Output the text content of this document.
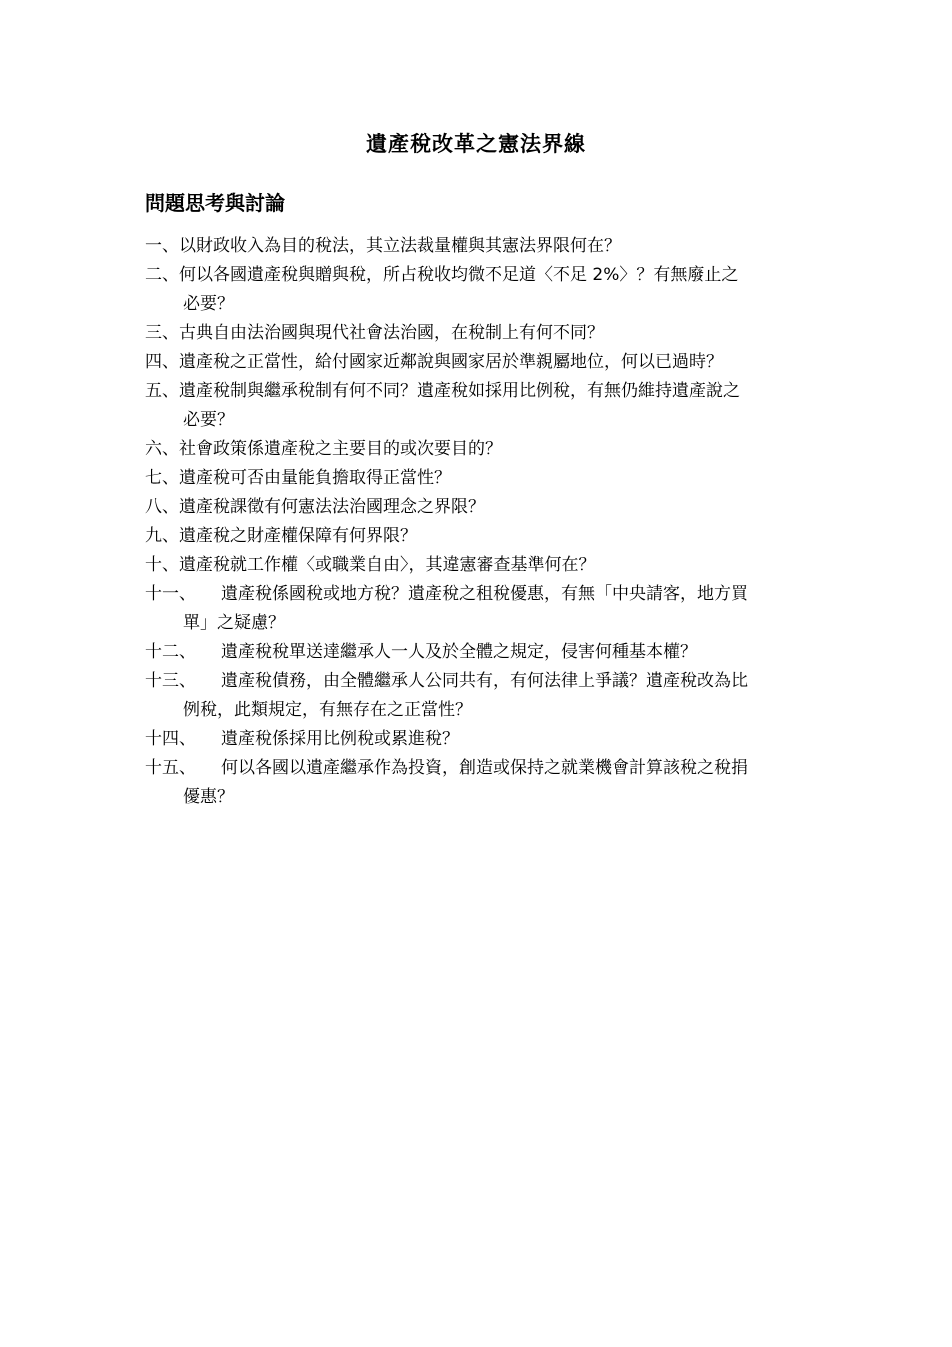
遺產稅改革之憲法界線
問題思考與討論
一、 以財政收入為目的稅法，其立法裁量權與其憲法界限何在？
二、 何以各國遺產稅與贈與稅，所占稅收均微不足道〈不足 2%〉？有無廢止之
必要？
三、 古典自由法治國與現代社會法治國，在稅制上有何不同？
四、 遺產稅之正當性，給付國家近鄰說與國家居於準親屬地位，何以已過時？
五、 遺產稅制與繼承稅制有何不同？遺產稅如採用比例稅，有無仍維持遺產說之
必要？
六、 社會政策係遺產稅之主要目的或次要目的？
七、 遺產稅可否由量能負擔取得正當性？
八、 遺產稅課徵有何憲法法治國理念之界限？
九、 遺產稅之財產權保障有何界限？
十、 遺產稅就工作權〈或職業自由〉，其違憲審查基準何在？
十一、	遺產稅係國稅或地方稅？遺產稅之租稅優惠，有無「中央請客，地方買
單」之疑慮？
十二、	遺產稅稅單送達繼承人一人及於全體之規定，侵害何種基本權？
十三、	遺產稅債務，由全體繼承人公同共有，有何法律上爭議？遺產稅改為比
例稅，此類規定，有無存在之正當性？
十四、	遺產稅係採用比例稅或累進稅？
十五、	何以各國以遺產繼承作為投資，創造或保持之就業機會計算該稅之稅捐
優惠？
